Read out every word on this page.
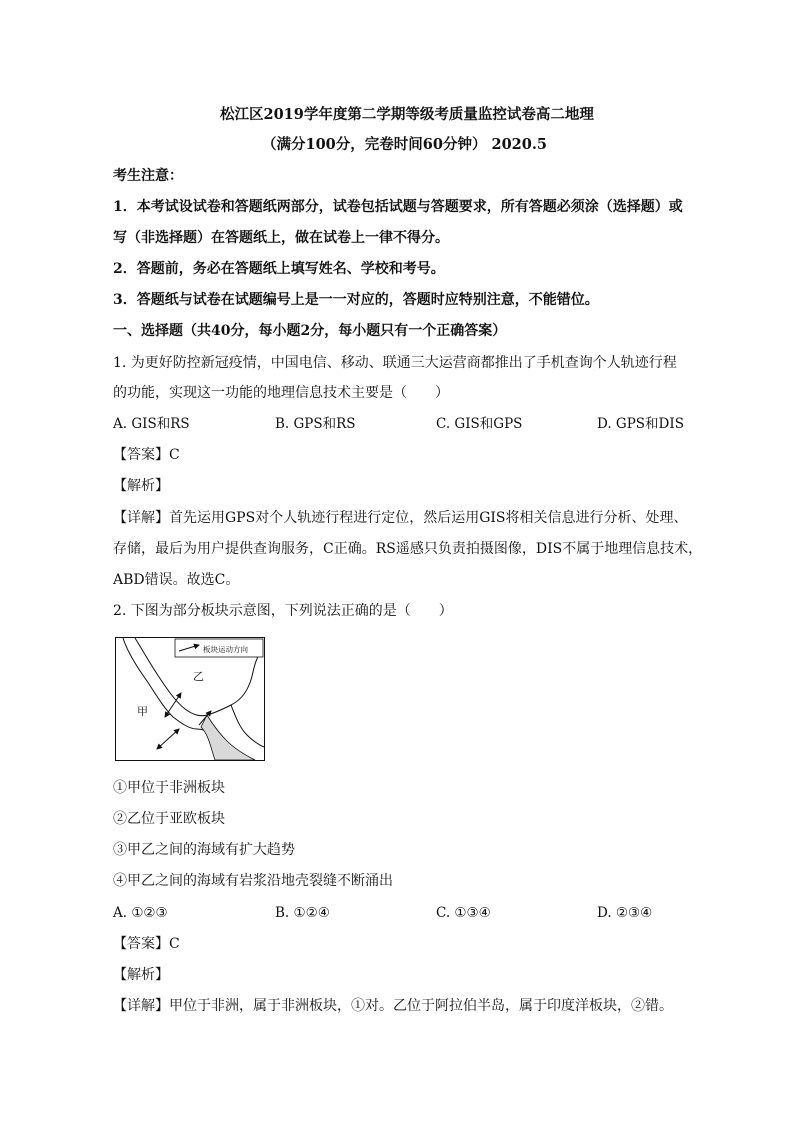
松江区2019学年度第二学期等级考质量监控试卷高二地理
（满分100分，完卷时间60分钟） 2020.5
考生注意：
1．本考试设试卷和答题纸两部分，试卷包括试题与答题要求，所有答题必须涂（选择题）或
写（非选择题）在答题纸上，做在试卷上一律不得分。
2．答题前，务必在答题纸上填写姓名、学校和考号。
3．答题纸与试卷在试题编号上是一一对应的，答题时应特别注意，不能错位。
一、选择题（共40分，每小题2分，每小题只有一个正确答案）
1. 为更好防控新冠疫情，中国电信、移动、联通三大运营商都推出了手机查询个人轨迹行程
的功能，实现这一功能的地理信息技术主要是（　　）
A. GIS和RS	B. GPS和RS	C. GIS和GPS	D. GPS和DIS
【答案】C
【解析】
【详解】首先运用GPS对个人轨迹行程进行定位，然后运用GIS将相关信息进行分析、处理、
存储，最后为用户提供查询服务，C正确。RS遥感只负责拍摄图像，DIS不属于地理信息技术，
ABD错误。故选C。
2. 下图为部分板块示意图，下列说法正确的是（　　）
板块运动方向
乙
甲
①甲位于非洲板块
②乙位于亚欧板块
③甲乙之间的海域有扩大趋势
④甲乙之间的海域有岩浆沿地壳裂缝不断涌出
A. ①②③	B. ①②④	C. ①③④	D. ②③④
【答案】C
【解析】
【详解】甲位于非洲，属于非洲板块，①对。乙位于阿拉伯半岛，属于印度洋板块，②错。
